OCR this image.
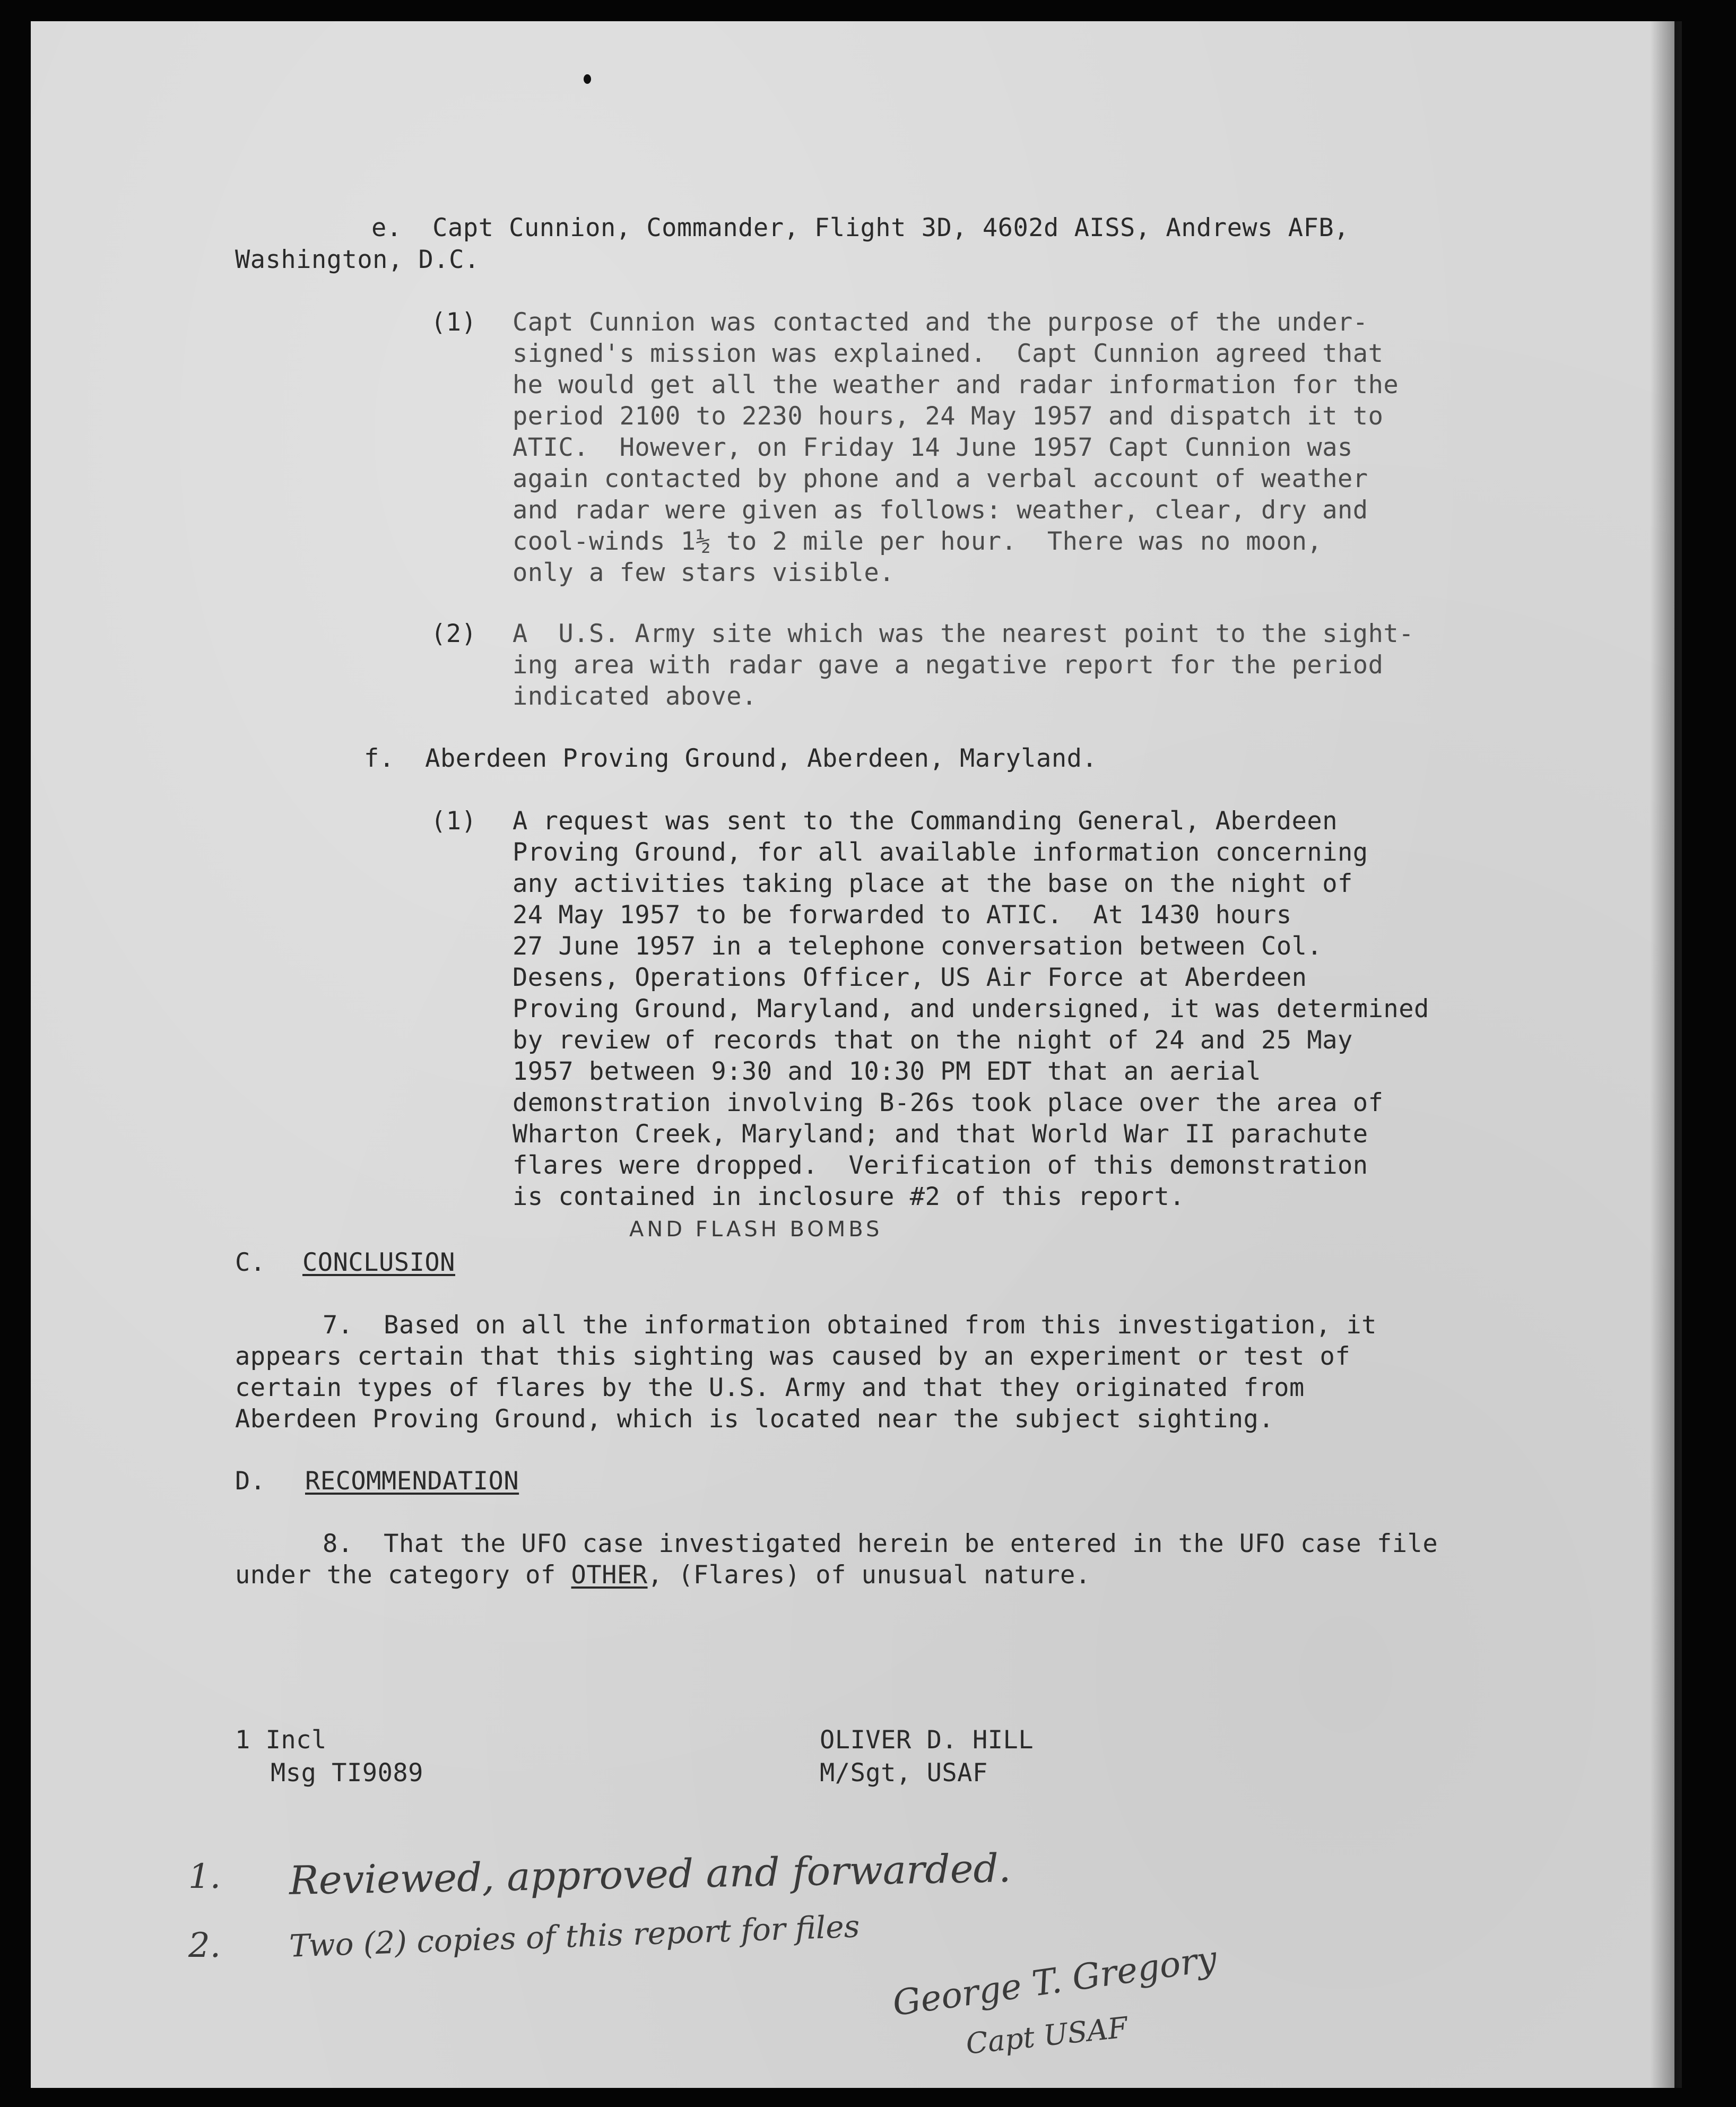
e.  Capt Cunnion, Commander, Flight 3D, 4602d AISS, Andrews AFB,
Washington, D.C.
(1) Capt Cunnion was contacted and the purpose of the under-
signed's mission was explained.  Capt Cunnion agreed that
he would get all the weather and radar information for the
period 2100 to 2230 hours, 24 May 1957 and dispatch it to
ATIC.  However, on Friday 14 June 1957 Capt Cunnion was
again contacted by phone and a verbal account of weather
and radar were given as follows: weather, clear, dry and
cool-winds 1½ to 2 mile per hour.  There was no moon,
only a few stars visible.
(2) A  U.S. Army site which was the nearest point to the sight-
ing area with radar gave a negative report for the period
indicated above.
f.  Aberdeen Proving Ground, Aberdeen, Maryland.
(1) A request was sent to the Commanding General, Aberdeen
Proving Ground, for all available information concerning
any activities taking place at the base on the night of
24 May 1957 to be forwarded to ATIC.  At 1430 hours
27 June 1957 in a telephone conversation between Col.
Desens, Operations Officer, US Air Force at Aberdeen
Proving Ground, Maryland, and undersigned, it was determined
by review of records that on the night of 24 and 25 May
1957 between 9:30 and 10:30 PM EDT that an aerial
demonstration involving B-26s took place over the area of
Wharton Creek, Maryland; and that World War II parachute
flares were dropped.  Verification of this demonstration
is contained in inclosure #2 of this report.
AND FLASH BOMBS
C. CONCLUSION
7.  Based on all the information obtained from this investigation, it
appears certain that this sighting was caused by an experiment or test of
certain types of flares by the U.S. Army and that they originated from
Aberdeen Proving Ground, which is located near the subject sighting.
D. RECOMMENDATION
8.  That the UFO case investigated herein be entered in the UFO case file
under the category of OTHER, (Flares) of unusual nature.
1 Incl
Msg TI9089
OLIVER D. HILL
M/Sgt, USAF
1. Reviewed, approved and forwarded.
2. Two (2) copies of this report for files
George T. Gregory
Capt USAF
